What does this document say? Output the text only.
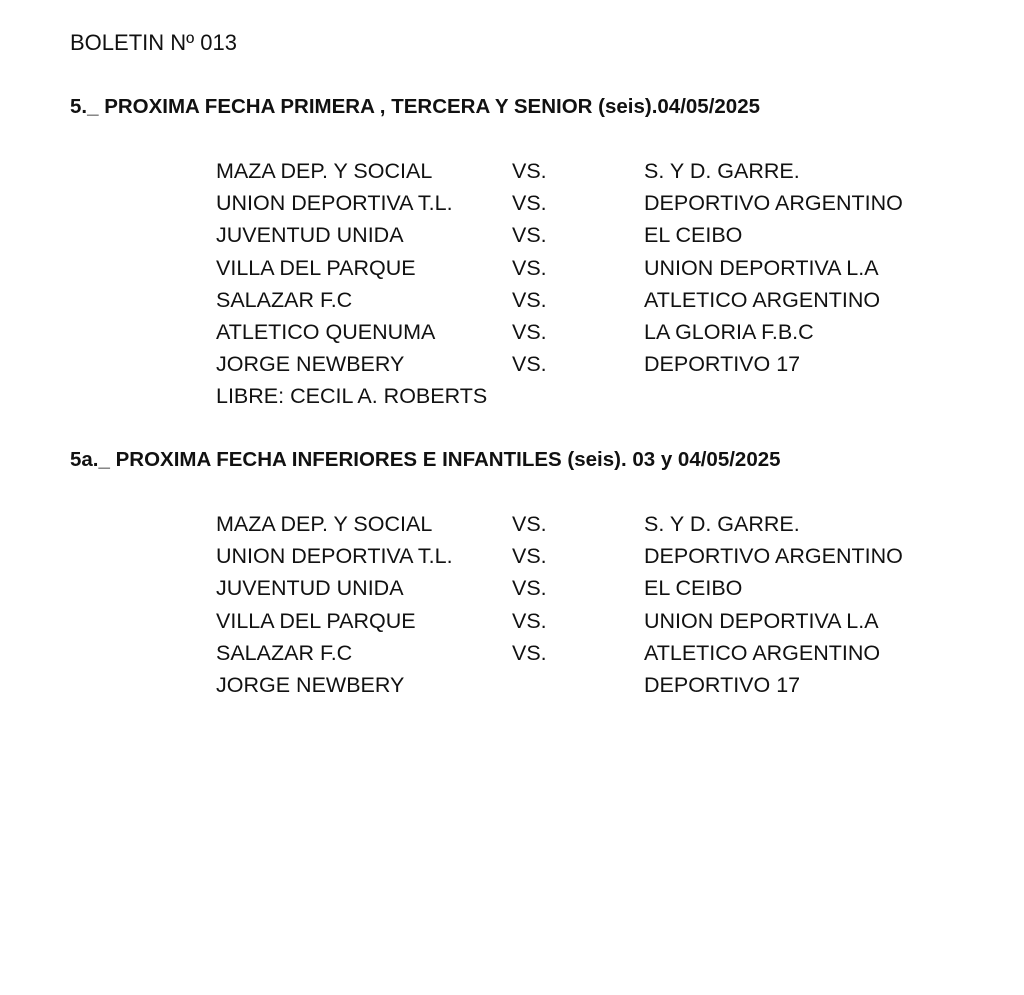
BOLETIN Nº 013
5._ PROXIMA FECHA PRIMERA , TERCERA Y SENIOR (seis).04/05/2025
MAZA DEP. Y SOCIAL	VS.	S. Y D. GARRE.
UNION DEPORTIVA T.L.	VS.	DEPORTIVO ARGENTINO
JUVENTUD UNIDA	VS.	EL CEIBO
VILLA DEL PARQUE	VS.	UNION DEPORTIVA L.A
SALAZAR F.C	VS.	ATLETICO ARGENTINO
ATLETICO QUENUMA	VS.	LA GLORIA F.B.C
JORGE NEWBERY	VS.	DEPORTIVO 17
LIBRE: CECIL A. ROBERTS
5a._ PROXIMA FECHA INFERIORES E INFANTILES (seis). 03 y 04/05/2025
MAZA DEP. Y SOCIAL	VS.	S. Y D. GARRE.
UNION DEPORTIVA T.L.	VS.	DEPORTIVO ARGENTINO
JUVENTUD UNIDA	VS.	EL CEIBO
VILLA DEL PARQUE	VS.	UNION DEPORTIVA L.A
SALAZAR F.C	VS.	ATLETICO ARGENTINO
JORGE NEWBERY	DEPORTIVO 17
